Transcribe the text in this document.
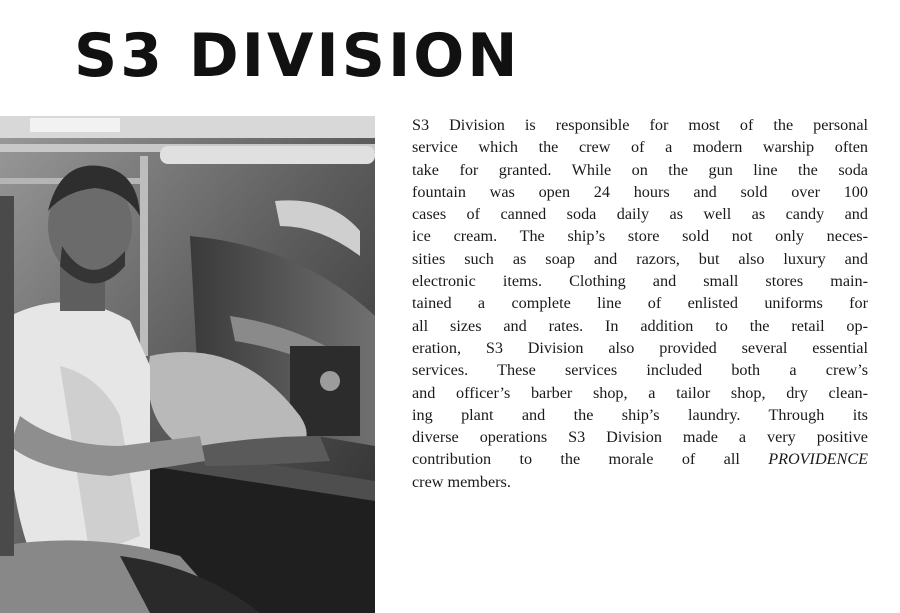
S3 DIVISION

S3 Division is responsible for most of the personal
service which the crew of a modern warship often
take for granted. While on the gun line the soda
fountain was open 24 hours and sold over 100
cases of canned soda daily as well as candy and
ice cream. The ship’s store sold not only neces-
sities such as soap and razors, but also luxury and
electronic items. Clothing and small stores main-
tained a complete line of enlisted uniforms for
all sizes and rates. In addition to the retail op-
eration, S3 Division also provided several essential
services. These services included both a crew’s
and officer’s barber shop, a tailor shop, dry clean-
ing plant and the ship’s laundry. Through its
diverse operations S3 Division made a very positive
contribution to the morale of all PROVIDENCE
crew members.
